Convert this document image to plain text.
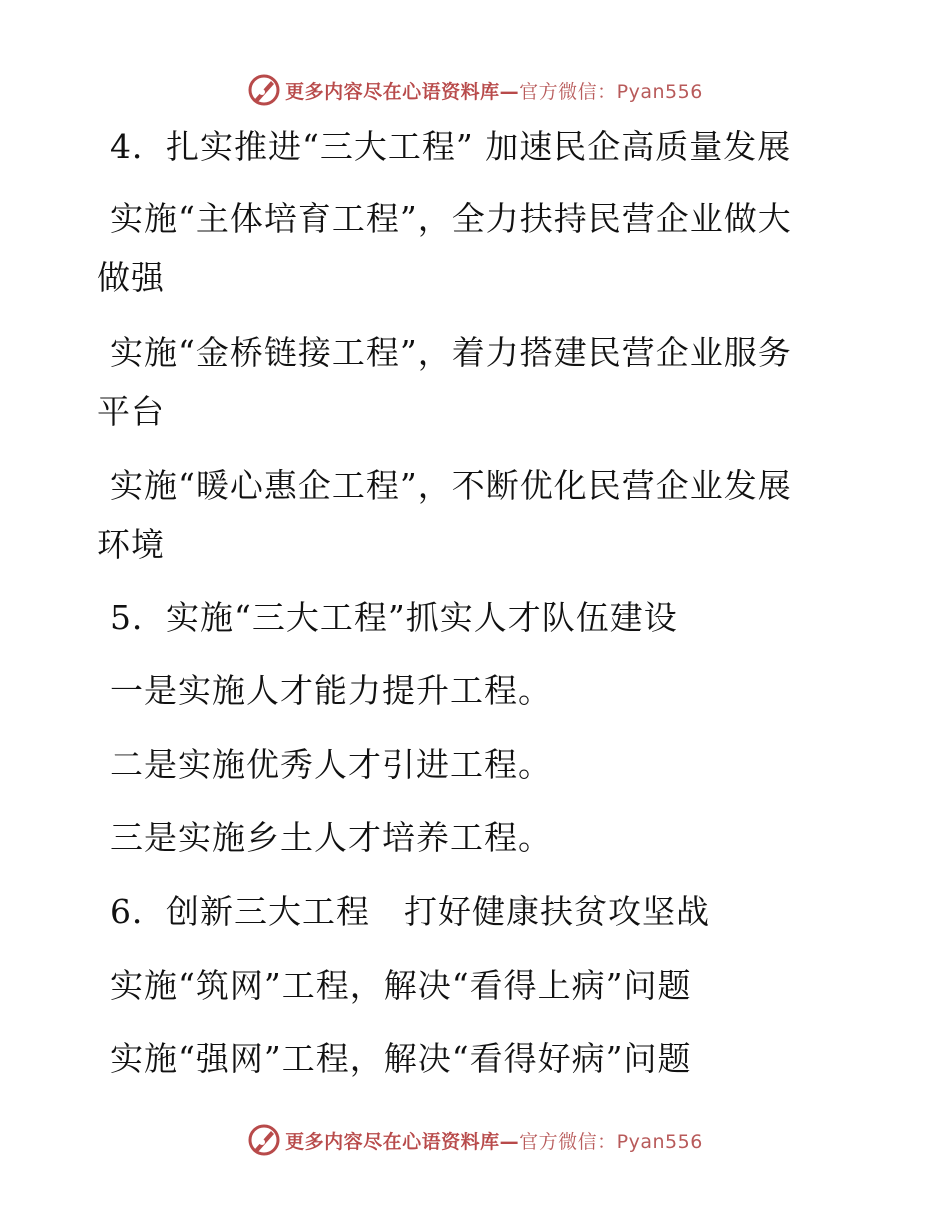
更多内容尽在心语资料库—官方微信：Pyan556
4．扎实推进“三大工程” 加速民企高质量发展
实施“主体培育工程”，全力扶持民营企业做大
做强
实施“金桥链接工程”，着力搭建民营企业服务
平台
实施“暖心惠企工程”，不断优化民营企业发展
环境
5．实施“三大工程”抓实人才队伍建设
一是实施人才能力提升工程。
二是实施优秀人才引进工程。
三是实施乡土人才培养工程。
6．创新三大工程　打好健康扶贫攻坚战
实施“筑网”工程，解决“看得上病”问题
实施“强网”工程，解决“看得好病”问题
更多内容尽在心语资料库—官方微信：Pyan556
